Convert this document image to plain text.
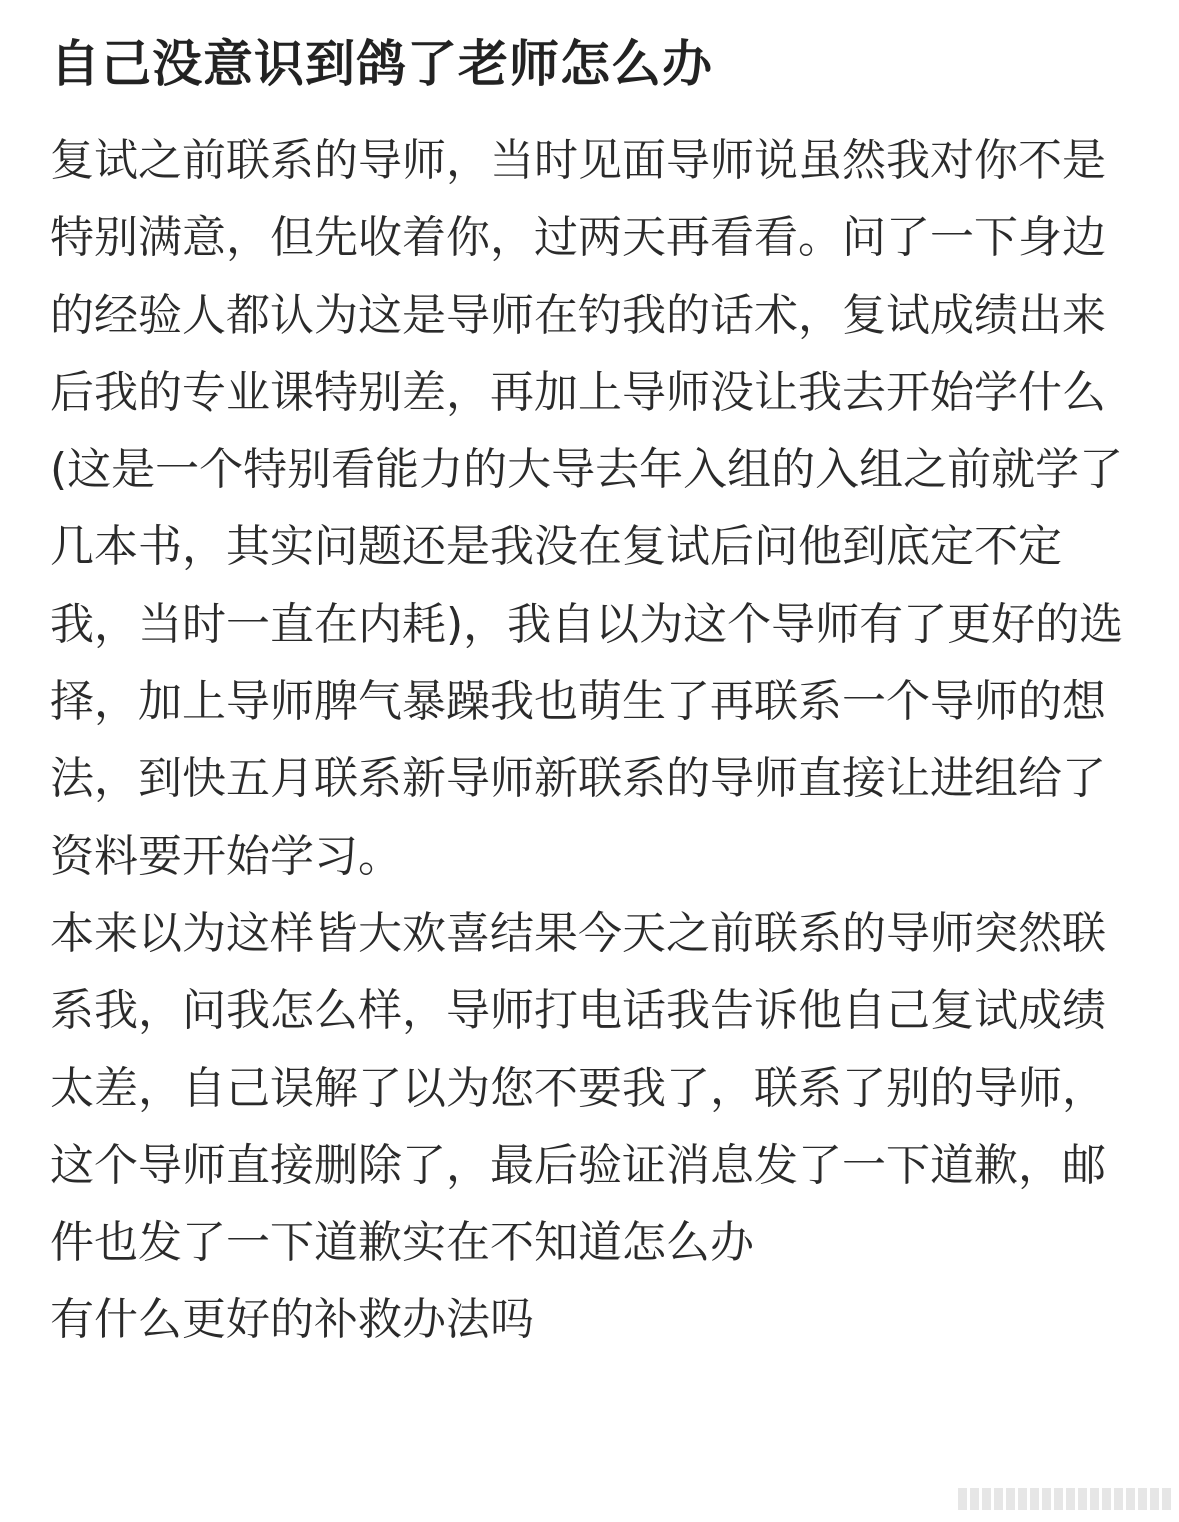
自己没意识到鸽了老师怎么办

复试之前联系的导师，当时见面导师说虽然我对你不是特别满意，但先收着你，过两天再看看。问了一下身边的经验人都认为这是导师在钓我的话术，复试成绩出来后我的专业课特别差，再加上导师没让我去开始学什么 (这是一个特别看能力的大导去年入组的入组之前就学了几本书，其实问题还是我没在复试后问他到底定不定我，当时一直在内耗)，我自以为这个导师有了更好的选择，加上导师脾气暴躁我也萌生了再联系一个导师的想法，到快五月联系新导师新联系的导师直接让进组给了资料要开始学习。

本来以为这样皆大欢喜结果今天之前联系的导师突然联系我，问我怎么样，导师打电话我告诉他自己复试成绩太差，自己误解了以为您不要我了，联系了别的导师，这个导师直接删除了，最后验证消息发了一下道歉，邮件也发了一下道歉实在不知道怎么办

有什么更好的补救办法吗
